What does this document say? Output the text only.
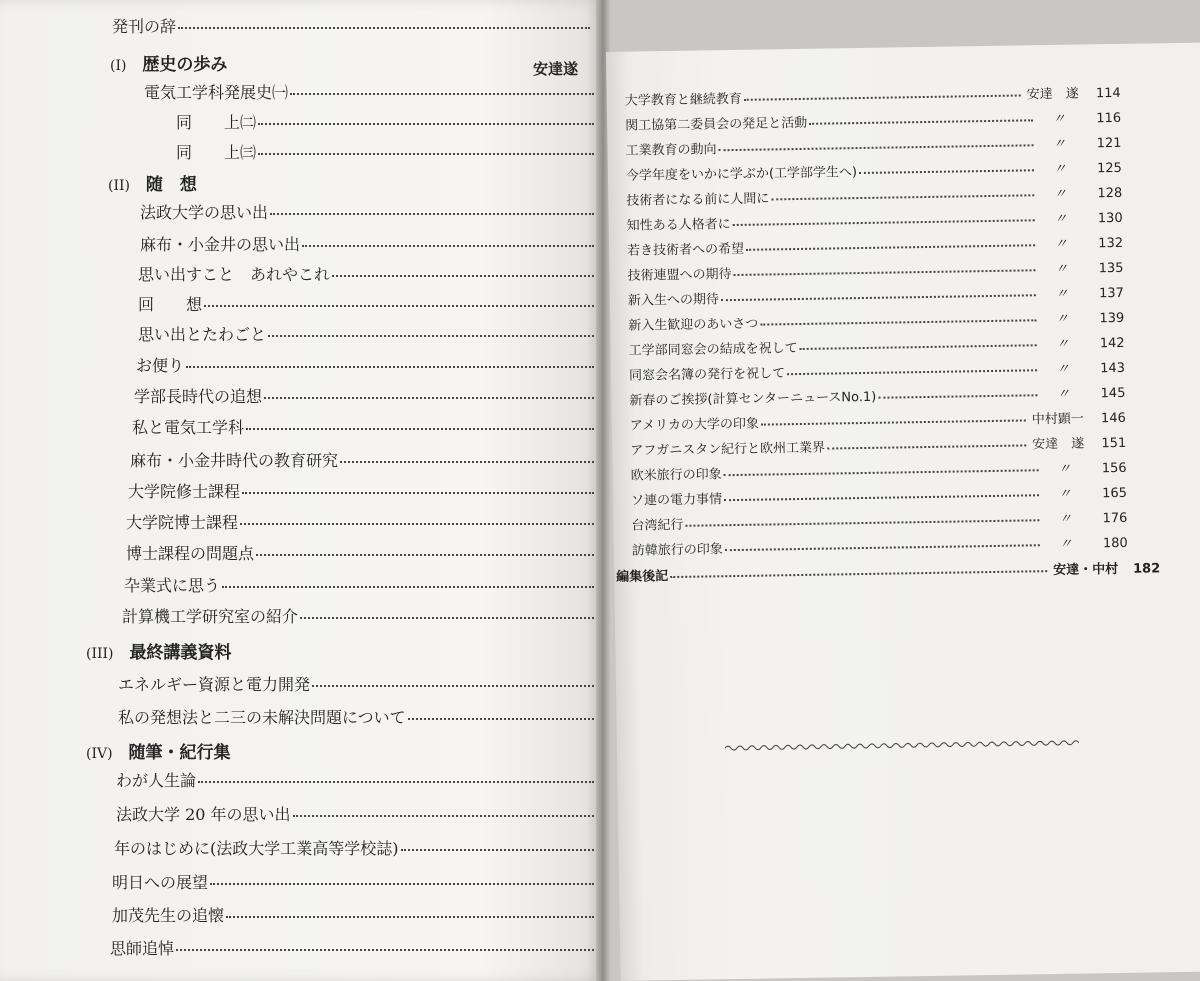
発刊の辞
(I) 歴史の歩み	安達遂
電気工学科発展史㈠
同　　上㈡
同　　上㈢
(II) 随　想
法政大学の思い出
麻布・小金井の思い出
思い出すこと　あれやこれ
回　　想
思い出とたわごと
お便り
学部長時代の追想
私と電気工学科
麻布・小金井時代の教育研究
大学院修士課程
大学院博士課程
博士課程の問題点
卆業式に思う
計算機工学研究室の紹介
(III) 最終講義資料
エネルギー資源と電力開発
私の発想法と二三の未解決問題について
(IV) 随筆・紀行集
わが人生論
法政大学 20 年の思い出
年のはじめに(法政大学工業高等学校誌)
明日への展望
加茂先生の追懐
思師追悼
大学教育と継続教育	安達　遂	114
関工協第二委員会の発足と活動	〃	116
工業教育の動向	〃	121
今学年度をいかに学ぶか(工学部学生へ)	〃	125
技術者になる前に人間に	〃	128
知性ある人格者に	〃	130
若き技術者への希望	〃	132
技術連盟への期待	〃	135
新入生への期待	〃	137
新入生歓迎のあいさつ	〃	139
工学部同窓会の結成を祝して	〃	142
同窓会名簿の発行を祝して	〃	143
新春のご挨拶(計算センターニュースNo.1)	〃	145
アメリカの大学の印象	中村顕一	146
アフガニスタン紀行と欧州工業界	安達　遂	151
欧米旅行の印象	〃	156
ソ連の電力事情	〃	165
台湾紀行	〃	176
訪韓旅行の印象	〃	180
編集後記	安達・中村	182
